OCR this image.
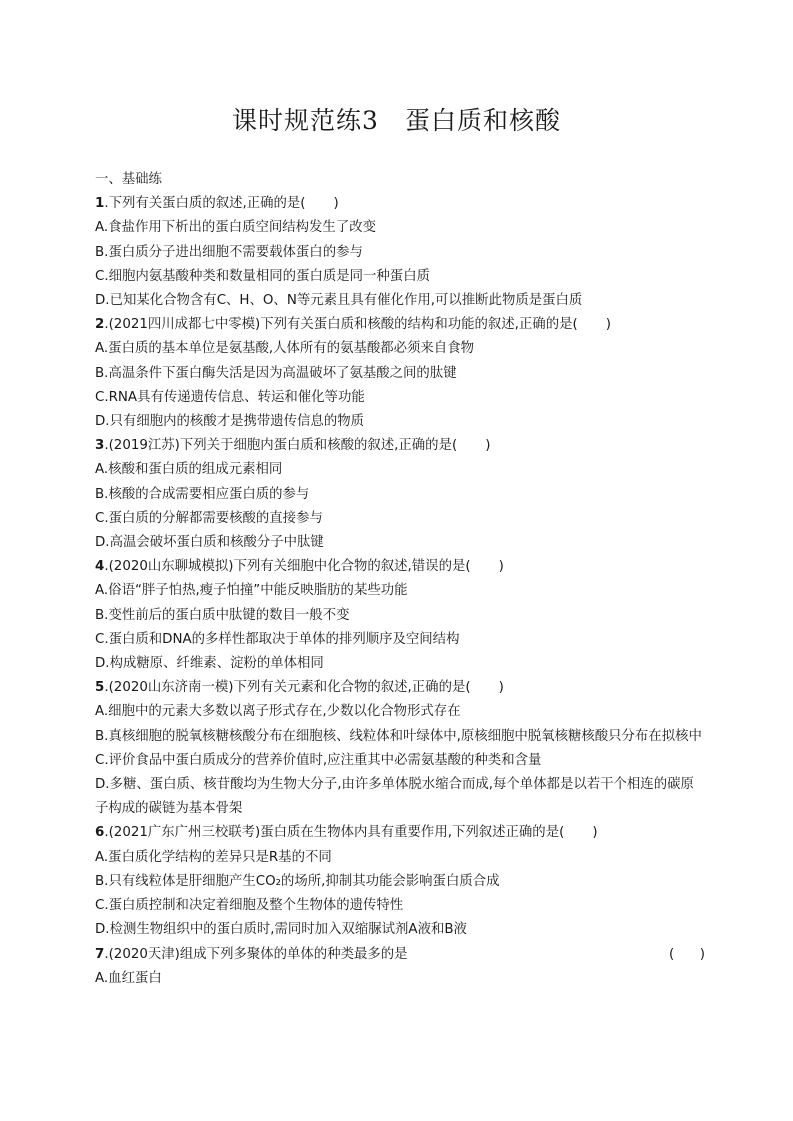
课时规范练3 蛋白质和核酸
一、基础练
1.下列有关蛋白质的叙述,正确的是( )
A.食盐作用下析出的蛋白质空间结构发生了改变
B.蛋白质分子进出细胞不需要载体蛋白的参与
C.细胞内氨基酸种类和数量相同的蛋白质是同一种蛋白质
D.已知某化合物含有C、H、O、N等元素且具有催化作用,可以推断此物质是蛋白质
2.(2021四川成都七中零模)下列有关蛋白质和核酸的结构和功能的叙述,正确的是( )
A.蛋白质的基本单位是氨基酸,人体所有的氨基酸都必须来自食物
B.高温条件下蛋白酶失活是因为高温破坏了氨基酸之间的肽键
C.RNA具有传递遗传信息、转运和催化等功能
D.只有细胞内的核酸才是携带遗传信息的物质
3.(2019江苏)下列关于细胞内蛋白质和核酸的叙述,正确的是( )
A.核酸和蛋白质的组成元素相同
B.核酸的合成需要相应蛋白质的参与
C.蛋白质的分解都需要核酸的直接参与
D.高温会破坏蛋白质和核酸分子中肽键
4.(2020山东聊城模拟)下列有关细胞中化合物的叙述,错误的是( )
A.俗语“胖子怕热,瘦子怕撞”中能反映脂肪的某些功能
B.变性前后的蛋白质中肽键的数目一般不变
C.蛋白质和DNA的多样性都取决于单体的排列顺序及空间结构
D.构成糖原、纤维素、淀粉的单体相同
5.(2020山东济南一模)下列有关元素和化合物的叙述,正确的是( )
A.细胞中的元素大多数以离子形式存在,少数以化合物形式存在
B.真核细胞的脱氧核糖核酸分布在细胞核、线粒体和叶绿体中,原核细胞中脱氧核糖核酸只分布在拟核中
C.评价食品中蛋白质成分的营养价值时,应注重其中必需氨基酸的种类和含量
D.多糖、蛋白质、核苷酸均为生物大分子,由许多单体脱水缩合而成,每个单体都是以若干个相连的碳原子构成的碳链为基本骨架
6.(2021广东广州三校联考)蛋白质在生物体内具有重要作用,下列叙述正确的是( )
A.蛋白质化学结构的差异只是R基的不同
B.只有线粒体是肝细胞产生CO₂的场所,抑制其功能会影响蛋白质合成
C.蛋白质控制和决定着细胞及整个生物体的遗传特性
D.检测生物组织中的蛋白质时,需同时加入双缩脲试剂A液和B液
7.(2020天津)组成下列多聚体的单体的种类最多的是	(      )
A.血红蛋白
